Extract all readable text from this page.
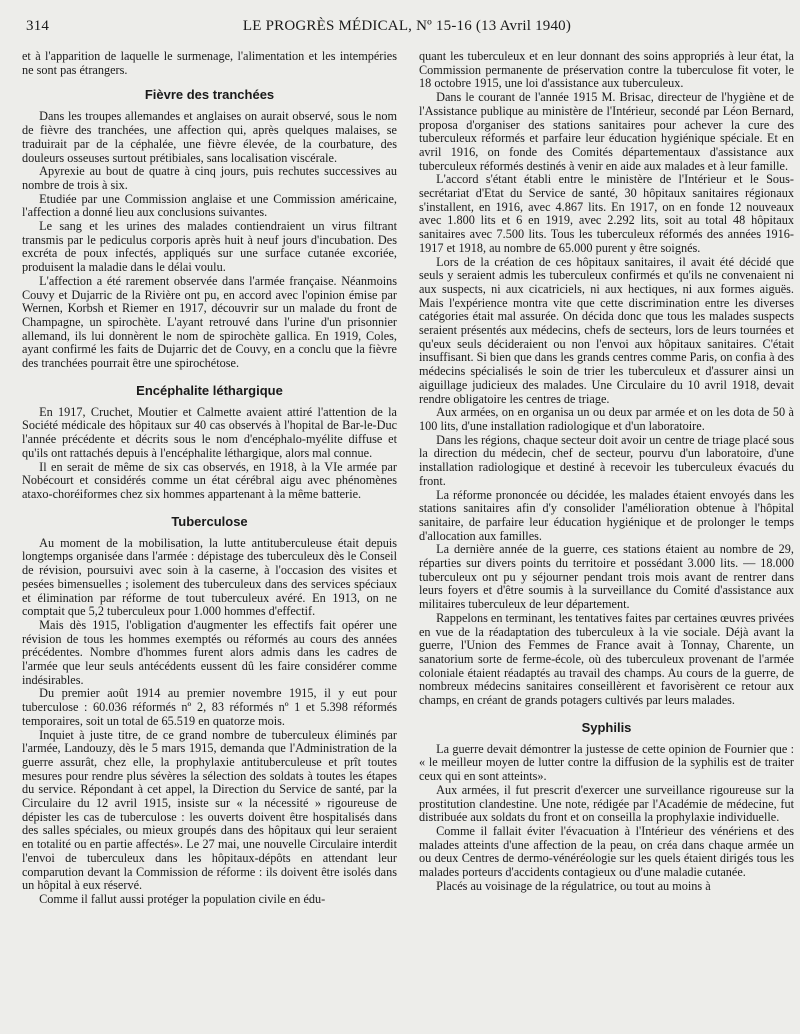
314	LE PROGRÈS MÉDICAL, Nº 15-16 (13 Avril 1940)

et à l'apparition de laquelle le surmenage, l'alimentation et les intempéries ne sont pas étrangers.

Fièvre des tranchées

Dans les troupes allemandes et anglaises on aurait observé, sous le nom de fièvre des tranchées, une affection qui, après quelques malaises, se traduirait par de la céphalée, une fièvre élevée, de la courbature, des douleurs osseuses surtout prétibiales, sans localisation viscérale.

Apyrexie au bout de quatre à cinq jours, puis rechutes successives au nombre de trois à six.

Etudiée par une Commission anglaise et une Commission américaine, l'affection a donné lieu aux conclusions suivantes.

Le sang et les urines des malades contiendraient un virus filtrant transmis par le pediculus corporis après huit à neuf jours d'incubation. Des excréta de poux infectés, appliqués sur une surface cutanée excoriée, produisent la maladie dans le délai voulu.

L'affection a été rarement observée dans l'armée française. Néanmoins Couvy et Dujarric de la Rivière ont pu, en accord avec l'opinion émise par Wernen, Korbsh et Riemer en 1917, découvrir sur un malade du front de Champagne, un spirochète. L'ayant retrouvé dans l'urine d'un prisonnier allemand, ils lui donnèrent le nom de spirochète gallica. En 1919, Coles, ayant confirmé les faits de Dujarric det de Couvy, en a conclu que la fièvre des tranchées pourrait être une spirochétose.

Encéphalite léthargique

En 1917, Cruchet, Moutier et Calmette avaient attiré l'attention de la Société médicale des hôpitaux sur 40 cas observés à l'hopital de Bar-le-Duc l'année précédente et décrits sous le nom d'encéphalo-myélite diffuse et qu'ils ont rattachés depuis à l'encéphalite léthargique, alors mal connue.

Il en serait de même de six cas observés, en 1918, à la VIe armée par Nobécourt et considérés comme un état cérébral aigu avec phénomènes ataxo-choréiformes chez six hommes appartenant à la même batterie.

Tuberculose

Au moment de la mobilisation, la lutte antituberculeuse était depuis longtemps organisée dans l'armée : dépistage des tuberculeux dès le Conseil de révision, poursuivi avec soin à la caserne, à l'occasion des visites et pesées bimensuelles ; isolement des tuberculeux dans des services spéciaux et élimination par réforme de tout tuberculeux avéré. En 1913, on ne comptait que 5,2 tuberculeux pour 1.000 hommes d'effectif.

Mais dès 1915, l'obligation d'augmenter les effectifs fait opérer une révision de tous les hommes exemptés ou réformés au cours des années précédentes. Nombre d'hommes furent alors admis dans les cadres de l'armée que leur seuls antécédents eussent dû les faire considérer comme indésirables.

Du premier août 1914 au premier novembre 1915, il y eut pour tuberculose : 60.036 réformés nº 2, 83 réformés nº 1 et 5.398 réformés temporaires, soit un total de 65.519 en quatorze mois.

Inquiet à juste titre, de ce grand nombre de tuberculeux éliminés par l'armée, Landouzy, dès le 5 mars 1915, demanda que l'Administration de la guerre assurât, chez elle, la prophylaxie antituberculeuse et prît toutes mesures pour rendre plus sévères la sélection des soldats à toutes les étapes du service. Répondant à cet appel, la Direction du Service de santé, par la Circulaire du 12 avril 1915, insiste sur « la nécessité » rigoureuse de dépister les cas de tuberculose : les ouverts doivent être hospitalisés dans des salles spéciales, ou mieux groupés dans des hôpitaux qui leur seraient en totalité ou en partie affectés». Le 27 mai, une nouvelle Circulaire interdit l'envoi de tuberculeux dans les hôpitaux-dépôts en attendant leur comparution devant la Commission de réforme : ils doivent être isolés dans un hôpital à eux réservé.

Comme il fallut aussi protéger la population civile en édu-

quant les tuberculeux et en leur donnant des soins appropriés à leur état, la Commission permanente de préservation contre la tuberculose fit voter, le 18 octobre 1915, une loi d'assistance aux tuberculeux.

Dans le courant de l'année 1915 M. Brisac, directeur de l'hygiène et de l'Assistance publique au ministère de l'Intérieur, secondé par Léon Bernard, proposa d'organiser des stations sanitaires pour achever la cure des tuberculeux réformés et parfaire leur éducation hygiénique spéciale. Et en avril 1916, on fonde des Comités départementaux d'assistance aux tuberculeux réformés destinés à venir en aide aux malades et à leur famille.

L'accord s'étant établi entre le ministère de l'Intérieur et le Sous-secrétariat d'Etat du Service de santé, 30 hôpitaux sanitaires régionaux s'installent, en 1916, avec 4.867 lits. En 1917, on en fonde 12 nouveaux avec 1.800 lits et 6 en 1919, avec 2.292 lits, soit au total 48 hôpitaux sanitaires avec 7.500 lits. Tous les tuberculeux réformés des années 1916-1917 et 1918, au nombre de 65.000 purent y être soignés.

Lors de la création de ces hôpitaux sanitaires, il avait été décidé que seuls y seraient admis les tuberculeux confirmés et qu'ils ne convenaient ni aux suspects, ni aux cicatriciels, ni aux hectiques, ni aux formes aiguës. Mais l'expérience montra vite que cette discrimination entre les diverses catégories était mal assurée. On décida donc que tous les malades suspects seraient présentés aux médecins, chefs de secteurs, lors de leurs tournées et qu'eux seuls décideraient ou non l'envoi aux hôpitaux sanitaires. C'était insuffisant. Si bien que dans les grands centres comme Paris, on confia à des médecins spécialisés le soin de trier les tuberculeux et d'assurer ainsi un aiguillage judicieux des malades. Une Circulaire du 10 avril 1918, devait rendre obligatoire les centres de triage.

Aux armées, on en organisa un ou deux par armée et on les dota de 50 à 100 lits, d'une installation radiologique et d'un laboratoire.

Dans les régions, chaque secteur doit avoir un centre de triage placé sous la direction du médecin, chef de secteur, pourvu d'un laboratoire, d'une installation radiologique et destiné à recevoir les tuberculeux évacués du front.

La réforme prononcée ou décidée, les malades étaient envoyés dans les stations sanitaires afin d'y consolider l'amélioration obtenue à l'hôpital sanitaire, de parfaire leur éducation hygiénique et de prolonger le temps d'allocation aux familles.

La dernière année de la guerre, ces stations étaient au nombre de 29, réparties sur divers points du territoire et possédant 3.000 lits. — 18.000 tuberculeux ont pu y séjourner pendant trois mois avant de rentrer dans leurs foyers et d'être soumis à la surveillance du Comité d'assistance aux militaires tuberculeux de leur département.

Rappelons en terminant, les tentatives faites par certaines œuvres privées en vue de la réadaptation des tuberculeux à la vie sociale. Déjà avant la guerre, l'Union des Femmes de France avait à Tonnay, Charente, un sanatorium sorte de ferme-école, où des tuberculeux provenant de l'armée coloniale étaient réadaptés au travail des champs. Au cours de la guerre, de nombreux médecins sanitaires conseillèrent et favorisèrent ce retour aux champs, en créant de grands potagers cultivés par leurs malades.

Syphilis

La guerre devait démontrer la justesse de cette opinion de Fournier que : « le meilleur moyen de lutter contre la diffusion de la syphilis est de traiter ceux qui en sont atteints».

Aux armées, il fut prescrit d'exercer une surveillance rigoureuse sur la prostitution clandestine. Une note, rédigée par l'Académie de médecine, fut distribuée aux soldats du front et on conseilla la prophylaxie individuelle.

Comme il fallait éviter l'évacuation à l'Intérieur des vénériens et des malades atteints d'une affection de la peau, on créa dans chaque armée un ou deux Centres de dermo-vénéréologie sur les quels étaient dirigés tous les malades porteurs d'accidents contagieux ou d'une maladie cutanée.

Placés au voisinage de la régulatrice, ou tout au moins à
